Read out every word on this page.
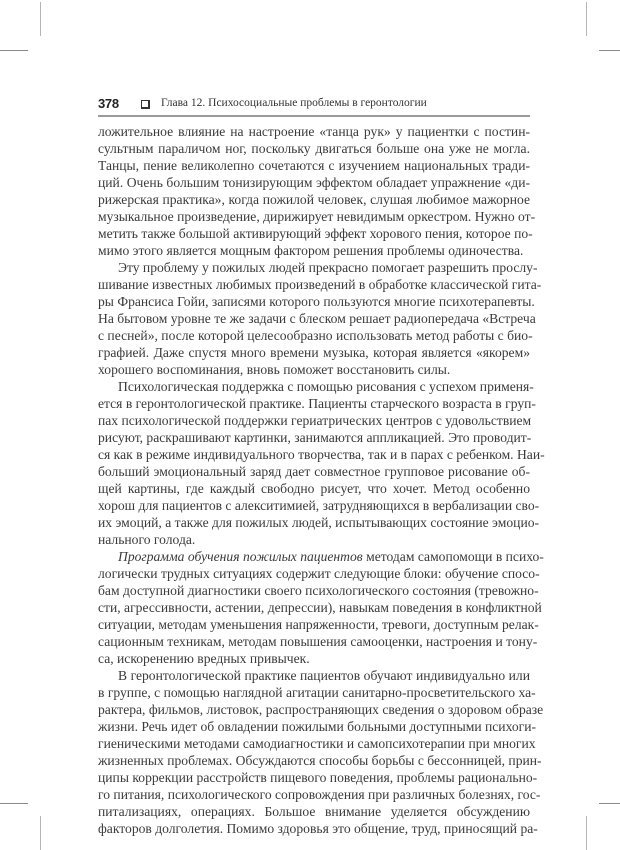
378	Глава 12. Психосоциальные проблемы в геронтологии
ложительное влияние на настроение «танца рук» у пациентки с постин-
сультным параличом ног, поскольку двигаться больше она уже не могла.
Танцы, пение великолепно сочетаются с изучением национальных тради-
ций. Очень большим тонизирующим эффектом обладает упражнение «ди-
рижерская практика», когда пожилой человек, слушая любимое мажорное
музыкальное произведение, дирижирует невидимым оркестром. Нужно от-
метить также большой активирующий эффект хорового пения, которое по-
мимо этого является мощным фактором решения проблемы одиночества.
Эту проблему у пожилых людей прекрасно помогает разрешить прослу-
шивание известных любимых произведений в обработке классической гита-
ры Франсиса Гойи, записями которого пользуются многие психотерапевты.
На бытовом уровне те же задачи с блеском решает радиопередача «Встреча
с песней», после которой целесообразно использовать метод работы с био-
графией. Даже спустя много времени музыка, которая является «якорем»
хорошего воспоминания, вновь поможет восстановить силы.
Психологическая поддержка с помощью рисования с успехом применя-
ется в геронтологической практике. Пациенты старческого возраста в груп-
пах психологической поддержки гериатрических центров с удовольствием
рисуют, раскрашивают картинки, занимаются аппликацией. Это проводит-
ся как в режиме индивидуального творчества, так и в парах с ребенком. Наи-
больший эмоциональный заряд дает совместное групповое рисование об-
щей картины, где каждый свободно рисует, что хочет. Метод особенно
хорош для пациентов с алекситимией, затрудняющихся в вербализации сво-
их эмоций, а также для пожилых людей, испытывающих состояние эмоцио-
нального голода.
Программа обучения пожилых пациентов методам самопомощи в психо-
логически трудных ситуациях содержит следующие блоки: обучение спосо-
бам доступной диагностики своего психологического состояния (тревожно-
сти, агрессивности, астении, депрессии), навыкам поведения в конфликтной
ситуации, методам уменьшения напряженности, тревоги, доступным релак-
сационным техникам, методам повышения самооценки, настроения и тону-
са, искоренению вредных привычек.
В геронтологической практике пациентов обучают индивидуально или
в группе, с помощью наглядной агитации санитарно-просветительского ха-
рактера, фильмов, листовок, распространяющих сведения о здоровом образе
жизни. Речь идет об овладении пожилыми больными доступными психоги-
гиеническими методами самодиагностики и самопсихотерапии при многих
жизненных проблемах. Обсуждаются способы борьбы с бессонницей, прин-
ципы коррекции расстройств пищевого поведения, проблемы рационально-
го питания, психологического сопровождения при различных болезнях, гос-
питализациях, операциях. Большое внимание уделяется обсуждению
факторов долголетия. Помимо здоровья это общение, труд, приносящий ра-
